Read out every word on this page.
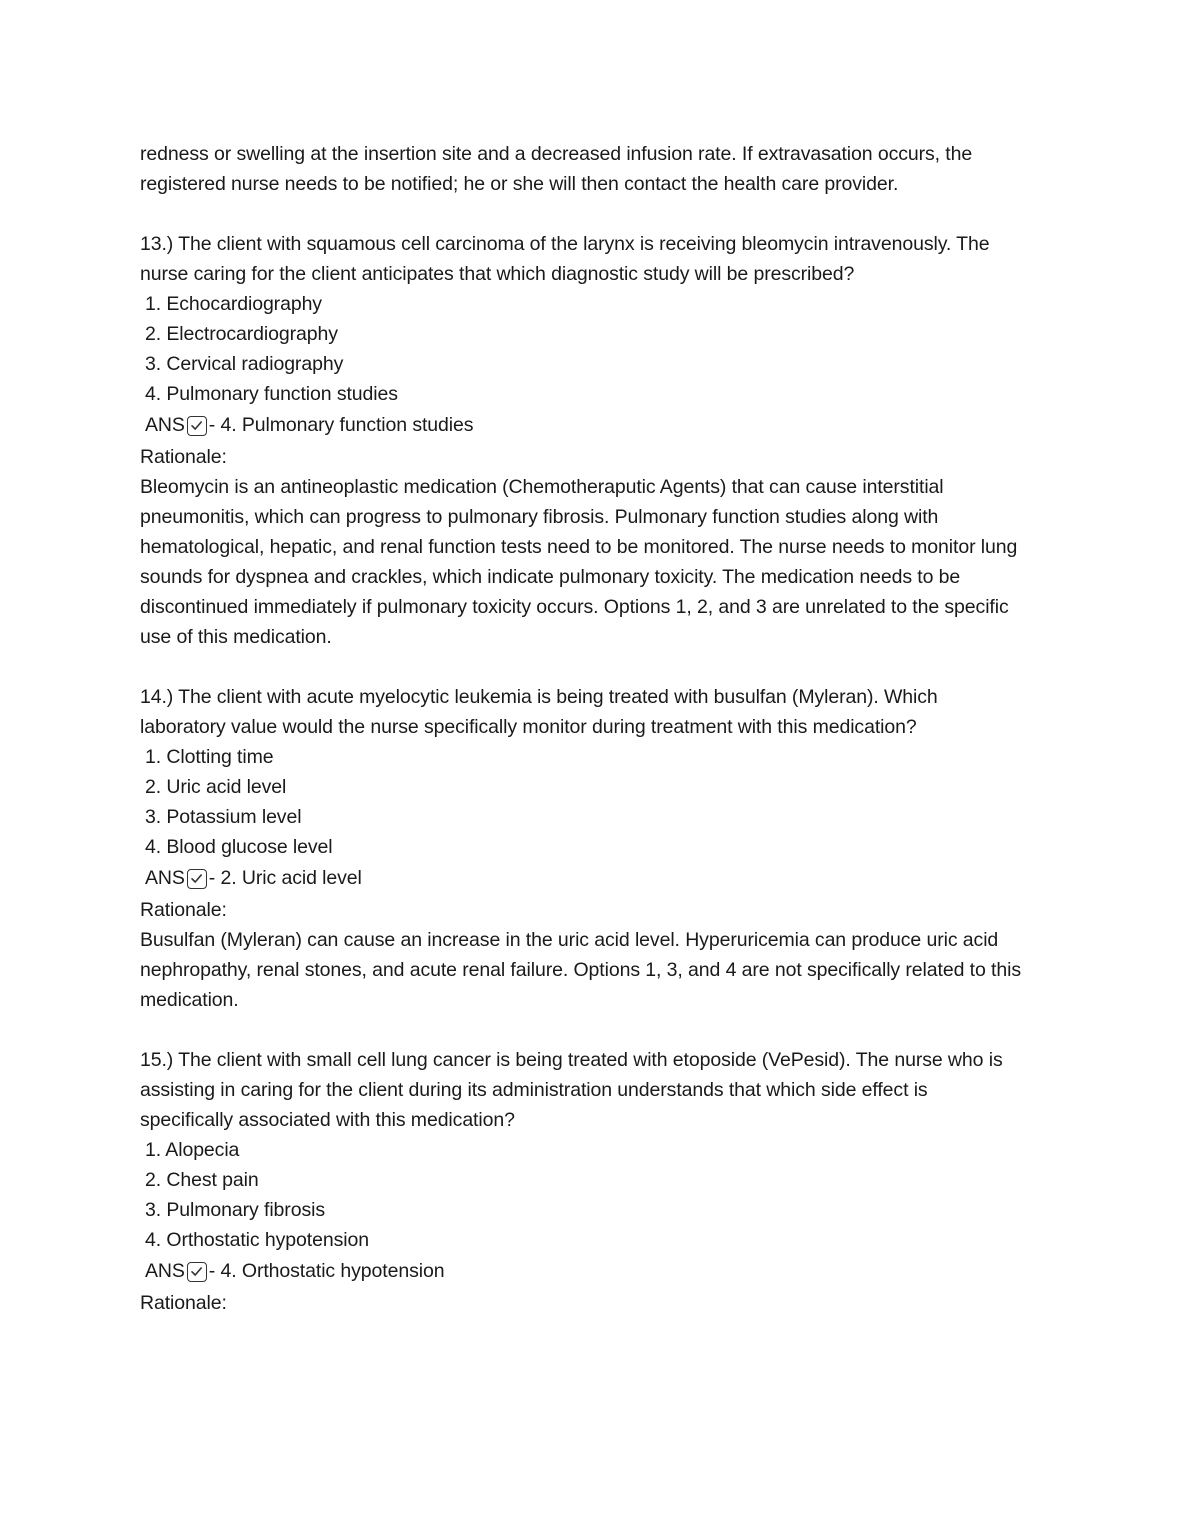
redness or swelling at the insertion site and a decreased infusion rate. If extravasation occurs, the

registered nurse needs to be notified; he or she will then contact the health care provider.

13.) The client with squamous cell carcinoma of the larynx is receiving bleomycin intravenously. The

nurse caring for the client anticipates that which diagnostic study will be prescribed?

1. Echocardiography

2. Electrocardiography

3. Cervical radiography

4. Pulmonary function studies

ANS - 4. Pulmonary function studies

Rationale:

Bleomycin is an antineoplastic medication (Chemotheraputic Agents) that can cause interstitial

pneumonitis, which can progress to pulmonary fibrosis. Pulmonary function studies along with

hematological, hepatic, and renal function tests need to be monitored. The nurse needs to monitor lung

sounds for dyspnea and crackles, which indicate pulmonary toxicity. The medication needs to be

discontinued immediately if pulmonary toxicity occurs. Options 1, 2, and 3 are unrelated to the specific

use of this medication.

14.) The client with acute myelocytic leukemia is being treated with busulfan (Myleran). Which

laboratory value would the nurse specifically monitor during treatment with this medication?

1. Clotting time

2. Uric acid level

3. Potassium level

4. Blood glucose level

ANS - 2. Uric acid level

Rationale:

Busulfan (Myleran) can cause an increase in the uric acid level. Hyperuricemia can produce uric acid

nephropathy, renal stones, and acute renal failure. Options 1, 3, and 4 are not specifically related to this

medication.

15.) The client with small cell lung cancer is being treated with etoposide (VePesid). The nurse who is

assisting in caring for the client during its administration understands that which side effect is

specifically associated with this medication?

1. Alopecia

2. Chest pain

3. Pulmonary fibrosis

4. Orthostatic hypotension

ANS - 4. Orthostatic hypotension

Rationale:
